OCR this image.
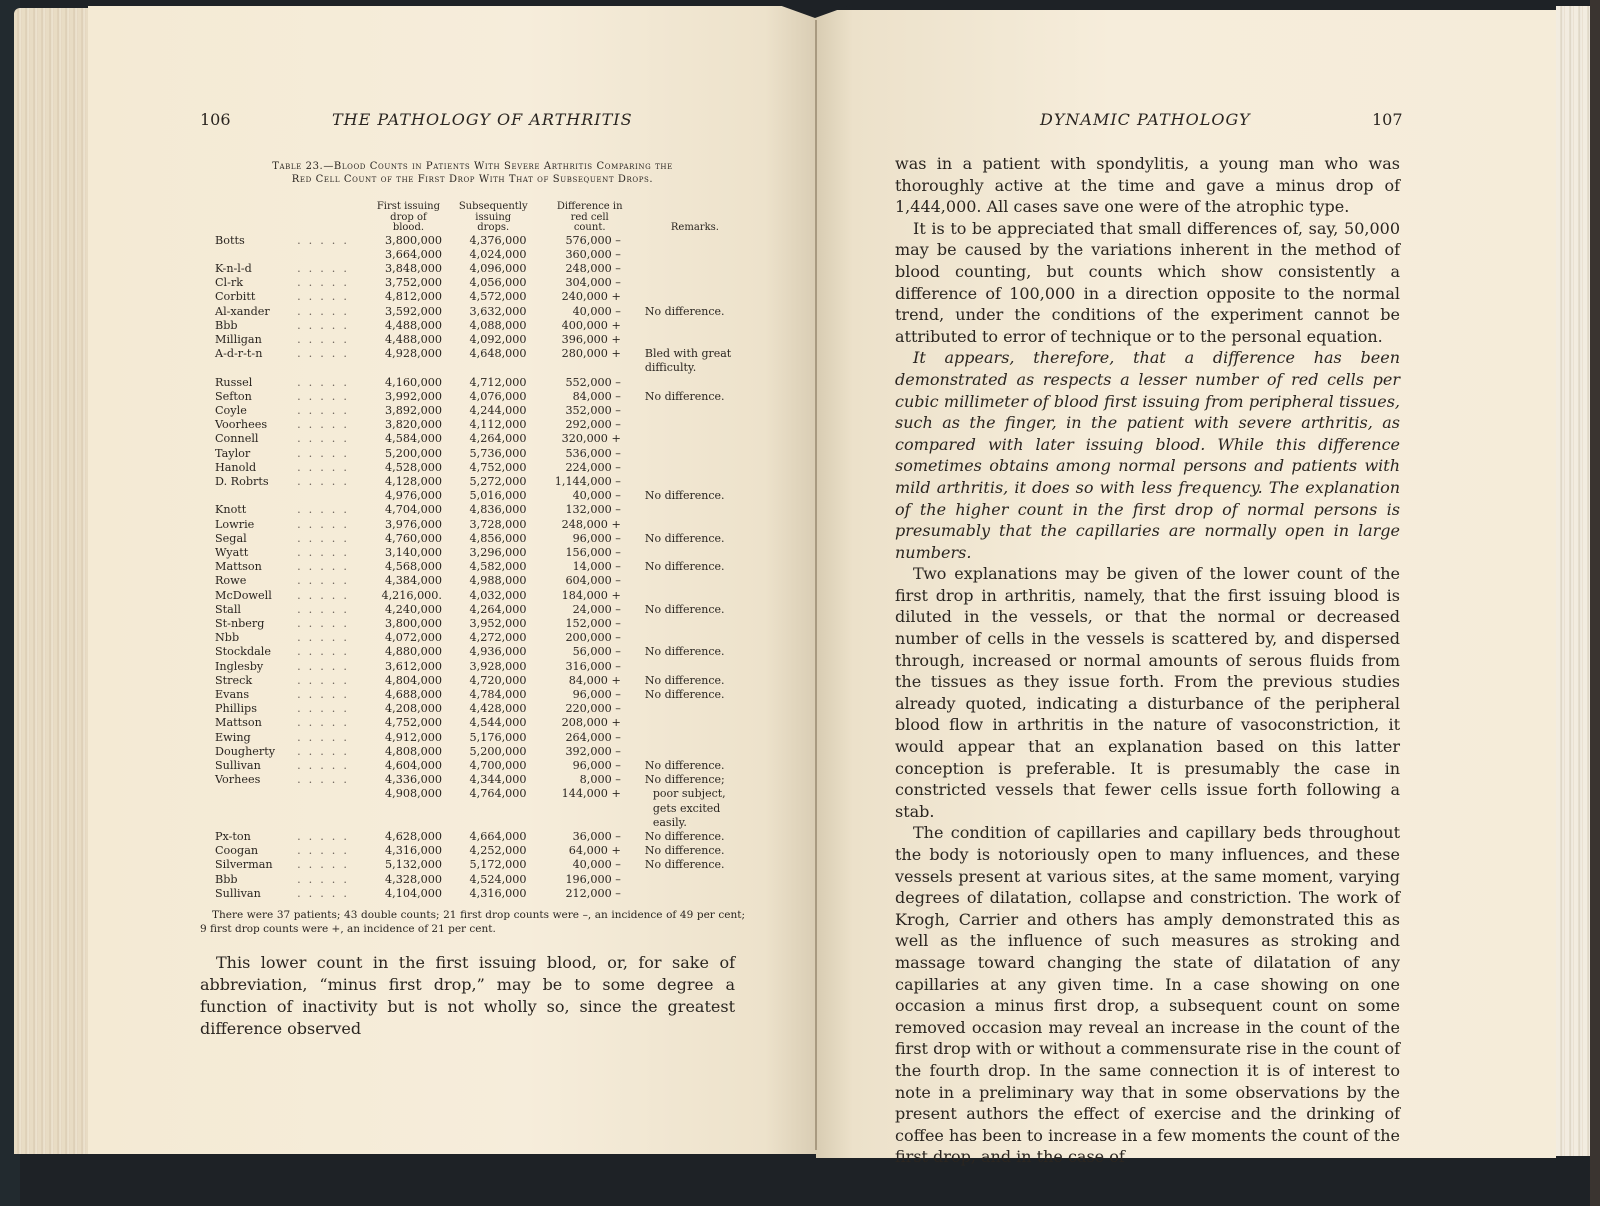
106	THE PATHOLOGY OF ARTHRITIS
Table 23.—Blood Counts in Patients With Severe Arthritis Comparing the
Red Cell Count of the First Drop With That of Subsequent Drops.

First issuing
drop of
blood.

Subsequently
issuing
drops.

Difference in
red cell
count.	Remarks.
Botts .....	3,800,000	4,376,000	576,000 –	
	3,664,000	4,024,000	360,000 –	
K-n-l-d .....	3,848,000	4,096,000	248,000 –	
Cl-rk .....	3,752,000	4,056,000	304,000 –	
Corbitt .....	4,812,000	4,572,000	240,000 +	
Al-xander .....	3,592,000	3,632,000	40,000 –	No difference.
Bbb .....	4,488,000	4,088,000	400,000 +	
Milligan .....	4,488,000	4,092,000	396,000 +	
A-d-r-t-n .....	4,928,000	4,648,000	280,000 +	Bled with great difficulty.
Russel .....	4,160,000	4,712,000	552,000 –	
Sefton .....	3,992,000	4,076,000	84,000 –	No difference.
Coyle .....	3,892,000	4,244,000	352,000 –	
Voorhees .....	3,820,000	4,112,000	292,000 –	
Connell .....	4,584,000	4,264,000	320,000 +	
Taylor .....	5,200,000	5,736,000	536,000 –	
Hanold .....	4,528,000	4,752,000	224,000 –	
D. Robrts .....	4,128,000	5,272,000	1,144,000 –	
	4,976,000	5,016,000	40,000 –	No difference.
Knott .....	4,704,000	4,836,000	132,000 –	
Lowrie .....	3,976,000	3,728,000	248,000 +	
Segal .....	4,760,000	4,856,000	96,000 –	No difference.
Wyatt .....	3,140,000	3,296,000	156,000 –	
Mattson .....	4,568,000	4,582,000	14,000 –	No difference.
Rowe .....	4,384,000	4,988,000	604,000 –	
McDowell .....	4,216,000.	4,032,000	184,000 +	
Stall .....	4,240,000	4,264,000	24,000 –	No difference.
St-nberg .....	3,800,000	3,952,000	152,000 –	
Nbb .....	4,072,000	4,272,000	200,000 –	
Stockdale .....	4,880,000	4,936,000	56,000 –	No difference.
Inglesby .....	3,612,000	3,928,000	316,000 –	
Streck .....	4,804,000	4,720,000	84,000 +	No difference.
Evans .....	4,688,000	4,784,000	96,000 –	No difference.
Phillips .....	4,208,000	4,428,000	220,000 –	
Mattson .....	4,752,000	4,544,000	208,000 +	
Ewing .....	4,912,000	5,176,000	264,000 –	
Dougherty .....	4,808,000	5,200,000	392,000 –	
Sullivan .....	4,604,000	4,700,000	96,000 –	No difference.
Vorhees .....	4,336,000	4,344,000	8,000 –	No difference;
	4,908,000	4,764,000	144,000 +	poor subject, gets excited easily.
Px-ton .....	4,628,000	4,664,000	36,000 –	No difference.
Coogan .....	4,316,000	4,252,000	64,000 +	No difference.
Silverman .....	5,132,000	5,172,000	40,000 –	No difference.
Bbb .....	4,328,000	4,524,000	196,000 –	
Sullivan .....	4,104,000	4,316,000	212,000 –	
There were 37 patients; 43 double counts; 21 first drop counts were –, an incidence of 49 per cent; 9 first drop counts were +, an incidence of 21 per cent.
This lower count in the first issuing blood, or, for sake of abbreviation, “minus first drop,” may be to some degree a function of inactivity but is not wholly so, since the greatest difference observed
DYNAMIC PATHOLOGY	107

was in a patient with spondylitis, a young man who was thoroughly active at the time and gave a minus drop of 1,444,000. All cases save one were of the atrophic type.

It is to be appreciated that small differences of, say, 50,000 may be caused by the variations inherent in the method of blood counting, but counts which show consistently a difference of 100,000 in a direction opposite to the normal trend, under the conditions of the experiment cannot be attributed to error of technique or to the personal equation.

It appears, therefore, that a difference has been demonstrated as respects a lesser number of red cells per cubic millimeter of blood first issuing from peripheral tissues, such as the finger, in the patient with severe arthritis, as compared with later issuing blood. While this difference sometimes obtains among normal persons and patients with mild arthritis, it does so with less frequency. The explanation of the higher count in the first drop of normal persons is presumably that the capillaries are normally open in large numbers.

Two explanations may be given of the lower count of the first drop in arthritis, namely, that the first issuing blood is diluted in the vessels, or that the normal or decreased number of cells in the vessels is scattered by, and dispersed through, increased or normal amounts of serous fluids from the tissues as they issue forth. From the previous studies already quoted, indicating a disturbance of the peripheral blood flow in arthritis in the nature of vasoconstriction, it would appear that an explanation based on this latter conception is preferable. It is presumably the case in constricted vessels that fewer cells issue forth following a stab.

The condition of capillaries and capillary beds throughout the body is notoriously open to many influences, and these vessels present at various sites, at the same moment, varying degrees of dilatation, collapse and constriction. The work of Krogh, Carrier and others has amply demonstrated this as well as the influence of such measures as stroking and massage toward changing the state of dilatation of any capillaries at any given time. In a case showing on one occasion a minus first drop, a subsequent count on some removed occasion may reveal an increase in the count of the first drop with or without a commensurate rise in the count of the fourth drop. In the same connection it is of interest to note in a preliminary way that in some observations by the present authors the effect of exercise and the drinking of coffee has been to increase in a few moments the count of the first drop, and in the case of
